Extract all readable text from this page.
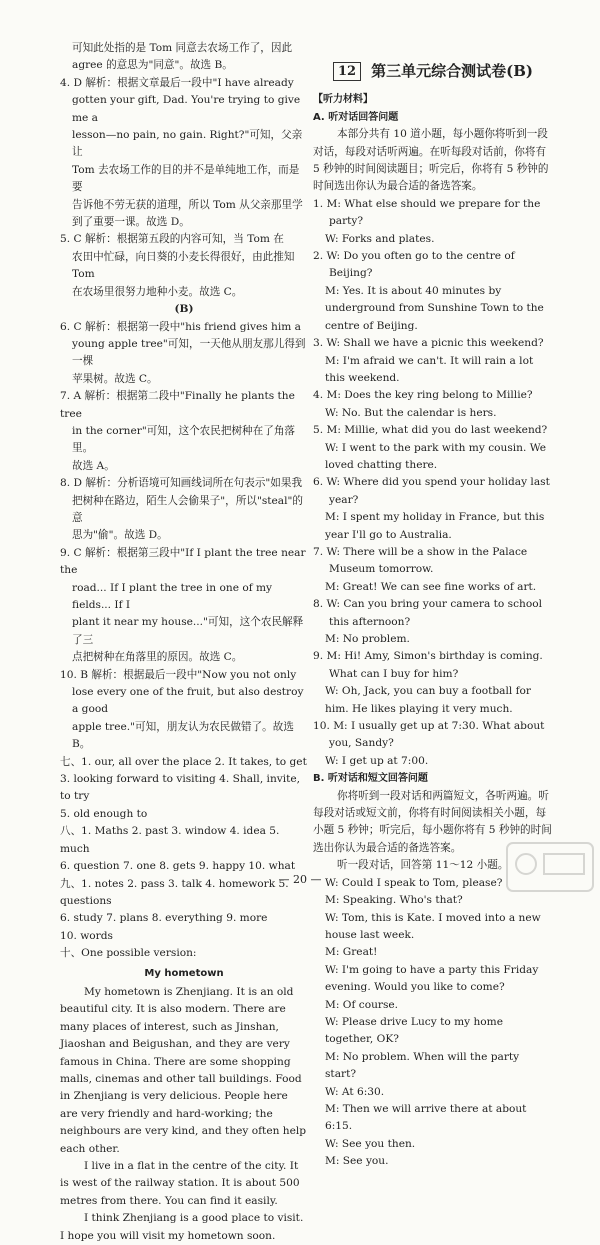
可知此处指的是 Tom 同意去农场工作了，因此

agree 的意思为"同意"。故选 B。

4. D 解析：根据文章最后一段中"I have already

gotten your gift, Dad. You're trying to give me a

lesson—no pain, no gain. Right?"可知，父亲让

Tom 去农场工作的目的并不是单纯地工作，而是要

告诉他不劳无获的道理，所以 Tom 从父亲那里学

到了重要一课。故选 D。

5. C 解析：根据第五段的内容可知，当 Tom 在

农田中忙碌，向日葵的小麦长得很好，由此推知 Tom

在农场里很努力地种小麦。故选 C。

(B)

6. C 解析：根据第一段中"his friend gives him a

young apple tree"可知，一天他从朋友那儿得到一棵

苹果树。故选 C。

7. A 解析：根据第二段中"Finally he plants the tree

in the corner"可知，这个农民把树种在了角落里。

故选 A。

8. D 解析：分析语境可知画线词所在句表示"如果我

把树种在路边，陌生人会偷果子"，所以"steal"的意

思为"偷"。故选 D。

9. C 解析：根据第三段中"If I plant the tree near the

road... If I plant the tree in one of my fields... If I

plant it near my house..."可知，这个农民解释了三

点把树种在角落里的原因。故选 C。

10. B 解析：根据最后一段中"Now you not only

lose every one of the fruit, but also destroy a good

apple tree."可知，朋友认为农民做错了。故选 B。

七、1. our, all over the place 2. It takes, to get

3. looking forward to visiting 4. Shall, invite, to try

5. old enough to

八、1. Maths 2. past 3. window 4. idea 5. much

6. question 7. one 8. gets 9. happy 10. what

九、1. notes 2. pass 3. talk 4. homework 5. questions

6. study 7. plans 8. everything 9. more

10. words

十、One possible version:

My hometown

My hometown is Zhenjiang. It is an old beautiful city. It is also modern. There are many places of interest, such as Jinshan, Jiaoshan and Beigushan, and they are very famous in China. There are some shopping malls, cinemas and other tall buildings. Food in Zhenjiang is very delicious. People here are very friendly and hard-working; the neighbours are very kind, and they often help each other.

I live in a flat in the centre of the city. It is west of the railway station. It is about 500 metres from there. You can find it easily.

I think Zhenjiang is a good place to visit. I hope you will visit my hometown soon.

12	第三单元综合测试卷(B)

【听力材料】

A. 听对话回答问题

本部分共有 10 道小题，每小题你将听到一段对话，每段对话听两遍。在听每段对话前，你将有 5 秒钟的时间阅读题目；听完后，你将有 5 秒钟的时间选出你认为最合适的备选答案。

1. M: What else should we prepare for the party?

W: Forks and plates.

2. W: Do you often go to the centre of Beijing?

M: Yes. It is about 40 minutes by underground from Sunshine Town to the centre of Beijing.

3. W: Shall we have a picnic this weekend?

M: I'm afraid we can't. It will rain a lot this weekend.

4. M: Does the key ring belong to Millie?

W: No. But the calendar is hers.

5. M: Millie, what did you do last weekend?

W: I went to the park with my cousin. We loved chatting there.

6. W: Where did you spend your holiday last year?

M: I spent my holiday in France, but this year I'll go to Australia.

7. W: There will be a show in the Palace Museum tomorrow.

M: Great! We can see fine works of art.

8. W: Can you bring your camera to school this afternoon?

M: No problem.

9. M: Hi! Amy, Simon's birthday is coming. What can I buy for him?

W: Oh, Jack, you can buy a football for him. He likes playing it very much.

10. M: I usually get up at 7:30. What about you, Sandy?

W: I get up at 7:00.

B. 听对话和短文回答问题

你将听到一段对话和两篇短文，各听两遍。听每段对话或短文前，你将有时间阅读相关小题，每小题 5 秒钟；听完后，每小题你将有 5 秒钟的时间选出你认为最合适的备选答案。

听一段对话，回答第 11～12 小题。

W: Could I speak to Tom, please?

M: Speaking. Who's that?

W: Tom, this is Kate. I moved into a new house last week.

M: Great!

W: I'm going to have a party this Friday evening. Would you like to come?

M: Of course.

W: Please drive Lucy to my home together, OK?

M: No problem. When will the party start?

W: At 6:30.

M: Then we will arrive there at about 6:15.

W: See you then.

M: See you.

— 20 —
